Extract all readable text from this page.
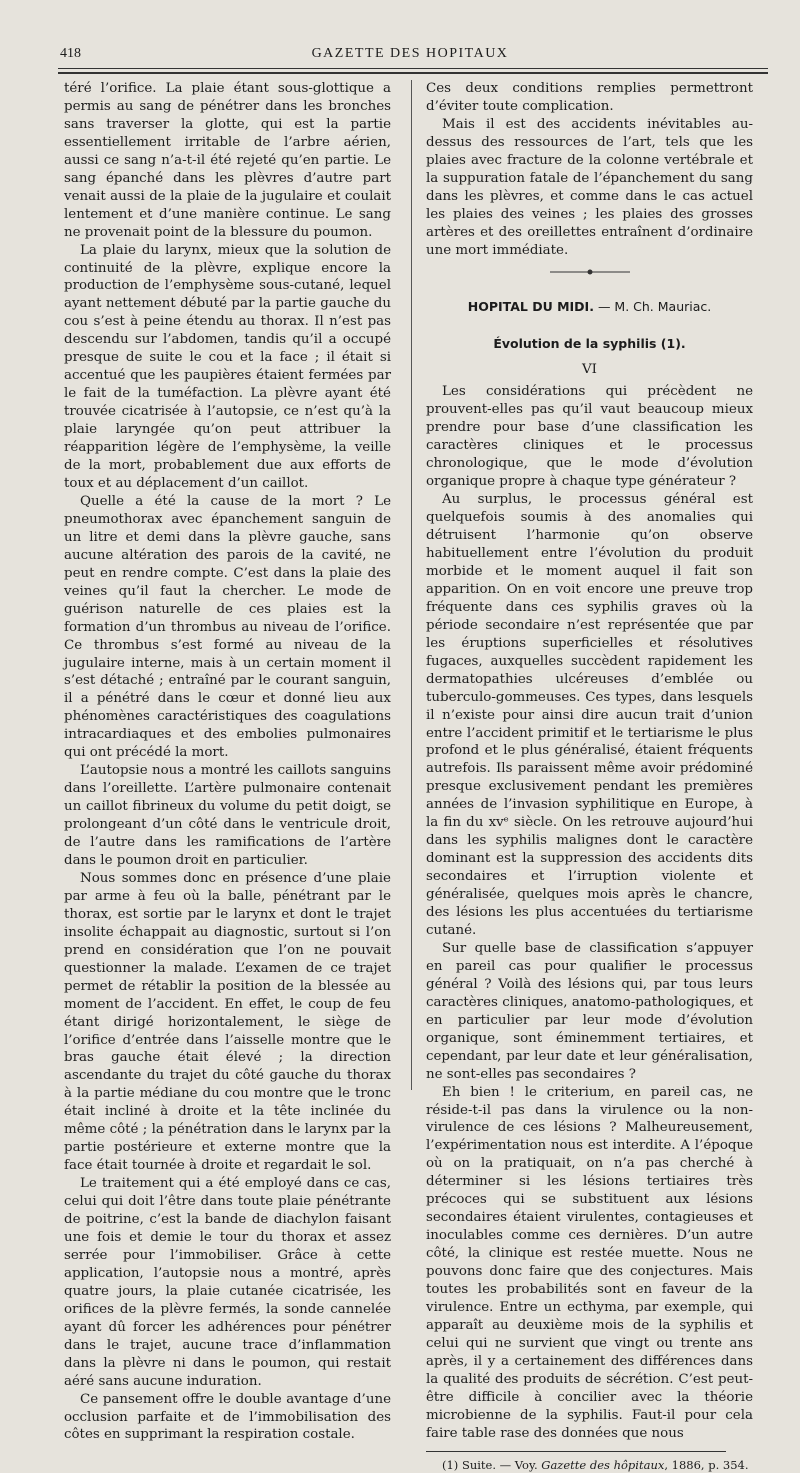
418	GAZETTE DES HOPITAUX

téré l’orifice. La plaie étant sous-glottique a permis au sang de pénétrer dans les bronches sans traverser la glotte, qui est la partie essentiellement irritable de l’arbre aérien, aussi ce sang n’a-t-il été rejeté qu’en partie. Le sang épanché dans les plèvres d’autre part venait aussi de la plaie de la jugulaire et coulait lentement et d’une manière continue. Le sang ne provenait point de la blessure du poumon.

La plaie du larynx, mieux que la solution de continuité de la plèvre, explique encore la production de l’emphysème sous-cutané, lequel ayant nettement débuté par la partie gauche du cou s’est à peine étendu au thorax. Il n’est pas descendu sur l’abdomen, tandis qu’il a occupé presque de suite le cou et la face ; il était si accentué que les paupières étaient fermées par le fait de la tuméfaction. La plèvre ayant été trouvée cicatrisée à l’autopsie, ce n’est qu’à la plaie laryngée qu’on peut attribuer la réapparition légère de l’emphysème, la veille de la mort, probablement due aux efforts de toux et au déplacement d’un caillot.

Quelle a été la cause de la mort ? Le pneumothorax avec épanchement sanguin de un litre et demi dans la plèvre gauche, sans aucune altération des parois de la cavité, ne peut en rendre compte. C’est dans la plaie des veines qu’il faut la chercher. Le mode de guérison naturelle de ces plaies est la formation d’un thrombus au niveau de l’orifice. Ce thrombus s’est formé au niveau de la jugulaire interne, mais à un certain moment il s’est détaché ; entraîné par le courant sanguin, il a pénétré dans le cœur et donné lieu aux phénomènes caractéristiques des coagulations intracardiaques et des embolies pulmonaires qui ont précédé la mort.

L’autopsie nous a montré les caillots sanguins dans l’oreillette. L’artère pulmonaire contenait un caillot fibrineux du volume du petit doigt, se prolongeant d’un côté dans le ventricule droit, de l’autre dans les ramifications de l’artère dans le poumon droit en particulier.

Nous sommes donc en présence d’une plaie par arme à feu où la balle, pénétrant par le thorax, est sortie par le larynx et dont le trajet insolite échappait au diagnostic, surtout si l’on prend en considération que l’on ne pouvait questionner la malade. L’examen de ce trajet permet de rétablir la position de la blessée au moment de l’accident. En effet, le coup de feu étant dirigé horizontalement, le siège de l’orifice d’entrée dans l’aisselle montre que le bras gauche était élevé ; la direction ascendante du trajet du côté gauche du thorax à la partie médiane du cou montre que le tronc était incliné à droite et la tête inclinée du même côté ; la pénétration dans le larynx par la partie postérieure et externe montre que la face était tournée à droite et regardait le sol.

Le traitement qui a été employé dans ce cas, celui qui doit l’être dans toute plaie pénétrante de poitrine, c’est la bande de diachylon faisant une fois et demie le tour du thorax et assez serrée pour l’immobiliser. Grâce à cette application, l’autopsie nous a montré, après quatre jours, la plaie cutanée cicatrisée, les orifices de la plèvre fermés, la sonde cannelée ayant dû forcer les adhérences pour pénétrer dans le trajet, aucune trace d’inflammation dans la plèvre ni dans le poumon, qui restait aéré sans aucune induration.

Ce pansement offre le double avantage d’une occlusion parfaite et de l’immobilisation des côtes en supprimant la respiration costale.

Ces deux conditions remplies permettront d’éviter toute complication.

Mais il est des accidents inévitables au-dessus des ressources de l’art, tels que les plaies avec fracture de la colonne vertébrale et la suppuration fatale de l’épanchement du sang dans les plèvres, et comme dans le cas actuel les plaies des veines ; les plaies des grosses artères et des oreillettes entraînent d’ordinaire une mort immédiate.

HOPITAL DU MIDI. — M. Ch. Mauriac.
Évolution de la syphilis (1).
VI

Les considérations qui précèdent ne prouvent-elles pas qu’il vaut beaucoup mieux prendre pour base d’une classification les caractères cliniques et le processus chronologique, que le mode d’évolution organique propre à chaque type générateur ?

Au surplus, le processus général est quelquefois soumis à des anomalies qui détruisent l’harmonie qu’on observe habituellement entre l’évolution du produit morbide et le moment auquel il fait son apparition. On en voit encore une preuve trop fréquente dans ces syphilis graves où la période secondaire n’est représentée que par les éruptions superficielles et résolutives fugaces, auxquelles succèdent rapidement les dermatopathies ulcéreuses d’emblée ou tuberculo-gommeuses. Ces types, dans lesquels il n’existe pour ainsi dire aucun trait d’union entre l’accident primitif et le tertiarisme le plus profond et le plus généralisé, étaient fréquents autrefois. Ils paraissent même avoir prédominé presque exclusivement pendant les premières années de l’invasion syphilitique en Europe, à la fin du xvᵉ siècle. On les retrouve aujourd’hui dans les syphilis malignes dont le caractère dominant est la suppression des accidents dits secondaires et l’irruption violente et généralisée, quelques mois après le chancre, des lésions les plus accentuées du tertiarisme cutané.

Sur quelle base de classification s’appuyer en pareil cas pour qualifier le processus général ? Voilà des lésions qui, par tous leurs caractères cliniques, anatomo-pathologiques, et en particulier par leur mode d’évolution organique, sont éminemment tertiaires, et cependant, par leur date et leur généralisation, ne sont-elles pas secondaires ?

Eh bien ! le criterium, en pareil cas, ne réside-t-il pas dans la virulence ou la non-virulence de ces lésions ? Malheureusement, l’expérimentation nous est interdite. A l’époque où on la pratiquait, on n’a pas cherché à déterminer si les lésions tertiaires très précoces qui se substituent aux lésions secondaires étaient virulentes, contagieuses et inoculables comme ces dernières. D’un autre côté, la clinique est restée muette. Nous ne pouvons donc faire que des conjectures. Mais toutes les probabilités sont en faveur de la virulence. Entre un ecthyma, par exemple, qui apparaît au deuxième mois de la syphilis et celui qui ne survient que vingt ou trente ans après, il y a certainement des différences dans la qualité des produits de sécrétion. C’est peut-être difficile à concilier avec la théorie microbienne de la syphilis. Faut-il pour cela faire table rase des données que nous

(1) Suite. — Voy. Gazette des hôpitaux, 1886, p. 354.
